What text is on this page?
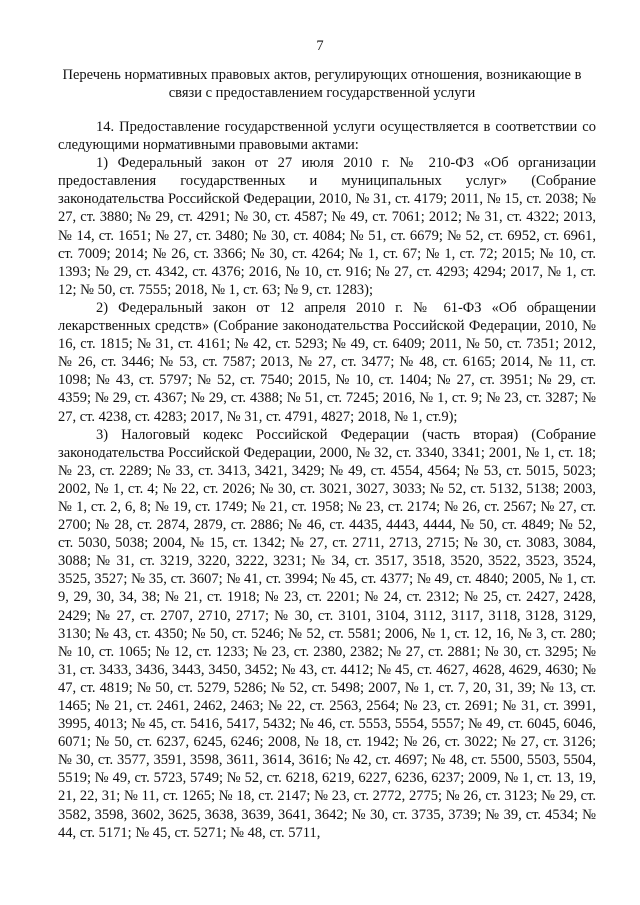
7
Перечень нормативных правовых актов, регулирующих отношения, возникающие в связи с предоставлением государственной услуги

14. Предоставление государственной услуги осуществляется в соответствии со следующими нормативными правовыми актами:

1) Федеральный закон от 27 июля 2010 г. № 210-ФЗ «Об организации предоставления государственных и муниципальных услуг» (Собрание законодательства Российской Федерации, 2010, № 31, ст. 4179; 2011, № 15, ст. 2038; № 27, ст. 3880; № 29, ст. 4291; № 30, ст. 4587; № 49, ст. 7061; 2012; № 31, ст. 4322; 2013, № 14, ст. 1651; № 27, ст. 3480; № 30, ст. 4084; № 51, ст. 6679; № 52, ст. 6952, ст. 6961, ст. 7009; 2014; № 26, ст. 3366; № 30, ст. 4264; № 1, ст. 67; № 1, ст. 72; 2015; № 10, ст. 1393; № 29, ст. 4342, ст. 4376; 2016, № 10, ст. 916; № 27, ст. 4293; 4294; 2017, № 1, ст. 12; № 50, ст. 7555; 2018, № 1, ст. 63; № 9, ст. 1283);

2) Федеральный закон от 12 апреля 2010 г. № 61-ФЗ «Об обращении лекарственных средств» (Собрание законодательства Российской Федерации, 2010, № 16, ст. 1815; № 31, ст. 4161; № 42, ст. 5293; № 49, ст. 6409; 2011, № 50, ст. 7351; 2012, № 26, ст. 3446; № 53, ст. 7587; 2013, № 27, ст. 3477; № 48, ст. 6165; 2014, № 11, ст. 1098; № 43, ст. 5797; № 52, ст. 7540; 2015, № 10, ст. 1404; № 27, ст. 3951; № 29, ст. 4359; № 29, ст. 4367; № 29, ст. 4388; № 51, ст. 7245; 2016, № 1, ст. 9; № 23, ст. 3287; № 27, ст. 4238, ст. 4283; 2017, № 31, ст. 4791, 4827; 2018, № 1, ст.9);

3) Налоговый кодекс Российской Федерации (часть вторая) (Собрание законодательства Российской Федерации, 2000, № 32, ст. 3340, 3341; 2001, № 1, ст. 18; № 23, ст. 2289; № 33, ст. 3413, 3421, 3429; № 49, ст. 4554, 4564; № 53, ст. 5015, 5023; 2002, № 1, ст. 4; № 22, ст. 2026; № 30, ст. 3021, 3027, 3033; № 52, ст. 5132, 5138; 2003, № 1, ст. 2, 6, 8; № 19, ст. 1749; № 21, ст. 1958; № 23, ст. 2174; № 26, ст. 2567; № 27, ст. 2700; № 28, ст. 2874, 2879, ст. 2886; № 46, ст. 4435, 4443, 4444, № 50, ст. 4849; № 52, ст. 5030, 5038; 2004, № 15, ст. 1342; № 27, ст. 2711, 2713, 2715; № 30, ст. 3083, 3084, 3088; № 31, ст. 3219, 3220, 3222, 3231; № 34, ст. 3517, 3518, 3520, 3522, 3523, 3524, 3525, 3527; № 35, ст. 3607; № 41, ст. 3994; № 45, ст. 4377; № 49, ст. 4840; 2005, № 1, ст. 9, 29, 30, 34, 38; № 21, ст. 1918; № 23, ст. 2201; № 24, ст. 2312; № 25, ст. 2427, 2428, 2429; № 27, ст. 2707, 2710, 2717; № 30, ст. 3101, 3104, 3112, 3117, 3118, 3128, 3129, 3130; № 43, ст. 4350; № 50, ст. 5246; № 52, ст. 5581; 2006, № 1, ст. 12, 16, № 3, ст. 280; № 10, ст. 1065; № 12, ст. 1233; № 23, ст. 2380, 2382; № 27, ст. 2881; № 30, ст. 3295; № 31, ст. 3433, 3436, 3443, 3450, 3452; № 43, ст. 4412; № 45, ст. 4627, 4628, 4629, 4630; № 47, ст. 4819; № 50, ст. 5279, 5286; № 52, ст. 5498; 2007, № 1, ст. 7, 20, 31, 39; № 13, ст. 1465; № 21, ст. 2461, 2462, 2463; № 22, ст. 2563, 2564; № 23, ст. 2691; № 31, ст. 3991, 3995, 4013; № 45, ст. 5416, 5417, 5432; № 46, ст. 5553, 5554, 5557; № 49, ст. 6045, 6046, 6071; № 50, ст. 6237, 6245, 6246; 2008, № 18, ст. 1942; № 26, ст. 3022; № 27, ст. 3126; № 30, ст. 3577, 3591, 3598, 3611, 3614, 3616; № 42, ст. 4697; № 48, ст. 5500, 5503, 5504, 5519; № 49, ст. 5723, 5749; № 52, ст. 6218, 6219, 6227, 6236, 6237; 2009, № 1, ст. 13, 19, 21, 22, 31; № 11, ст. 1265; № 18, ст. 2147; № 23, ст. 2772, 2775; № 26, ст. 3123; № 29, ст. 3582, 3598, 3602, 3625, 3638, 3639, 3641, 3642; № 30, ст. 3735, 3739; № 39, ст. 4534; № 44, ст. 5171; № 45, ст. 5271; № 48, ст. 5711,
